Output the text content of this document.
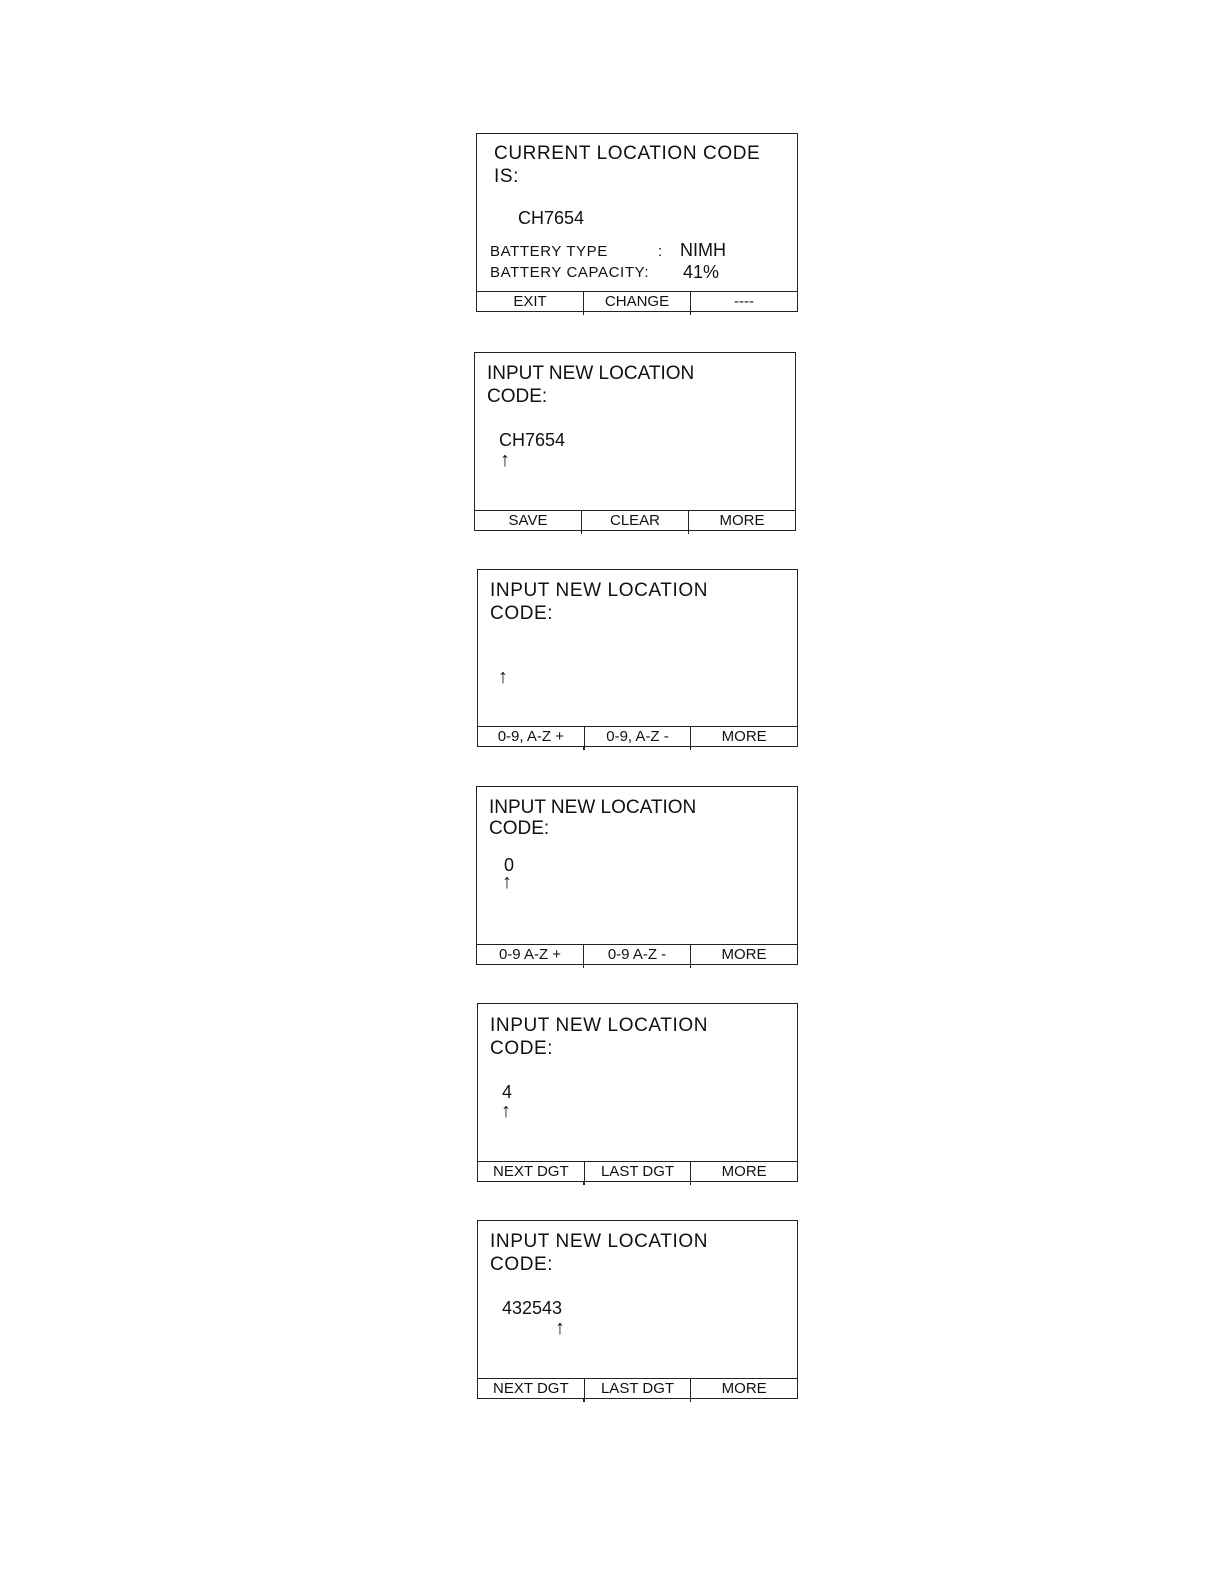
CURRENT LOCATION CODE
IS:
CH7654
BATTERY TYPE	: NIMH
BATTERY CAPACITY: 41%
EXIT	CHANGE	----
INPUT NEW LOCATION
CODE:
CH7654
↑
SAVE	CLEAR	MORE
INPUT NEW LOCATION
CODE:
↑
0-9, A-Z +	0-9, A-Z -	MORE
INPUT NEW LOCATION
CODE:
0
↑
0-9 A-Z +	0-9 A-Z -	MORE
INPUT NEW LOCATION
CODE:
4
↑
NEXT DGT	LAST DGT	MORE
INPUT NEW LOCATION
CODE:
432543
↑
NEXT DGT	LAST DGT	MORE
